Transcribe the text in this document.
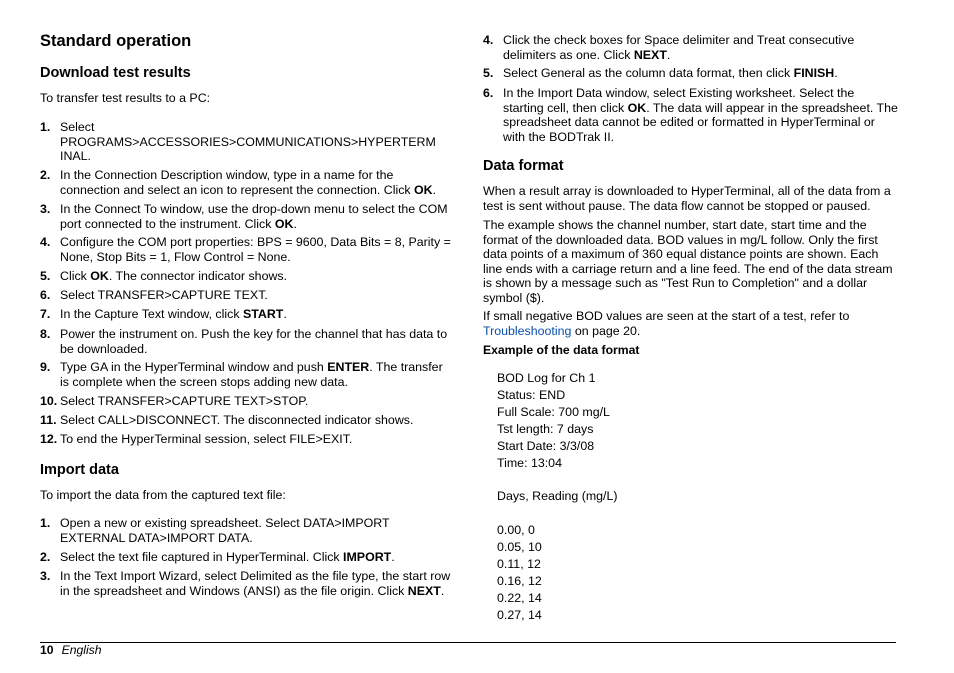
Standard operation
Download test results

To transfer test results to a PC:

1. Select PROGRAMS>ACCESSORIES>COMMUNICATIONS>HYPERTERM INAL.
2. In the Connection Description window, type in a name for the connection and select an icon to represent the connection. Click OK.
3. In the Connect To window, use the drop-down menu to select the COM port connected to the instrument. Click OK.
4. Configure the COM port properties: BPS = 9600, Data Bits = 8, Parity = None, Stop Bits = 1, Flow Control = None.
5. Click OK. The connector indicator shows.
6. Select TRANSFER>CAPTURE TEXT.
7. In the Capture Text window, click START.
8. Power the instrument on. Push the key for the channel that has data to be downloaded.
9. Type GA in the HyperTerminal window and push ENTER. The transfer is complete when the screen stops adding new data.
10. Select TRANSFER>CAPTURE TEXT>STOP.
11. Select CALL>DISCONNECT. The disconnected indicator shows.
12. To end the HyperTerminal session, select FILE>EXIT.
Import data

To import the data from the captured text file:

1. Open a new or existing spreadsheet. Select DATA>IMPORT EXTERNAL DATA>IMPORT DATA.
2. Select the text file captured in HyperTerminal. Click IMPORT.
3. In the Text Import Wizard, select Delimited as the file type, the start row in the spreadsheet and Windows (ANSI) as the file origin. Click NEXT.
4. Click the check boxes for Space delimiter and Treat consecutive delimiters as one. Click NEXT.
5. Select General as the column data format, then click FINISH.
6. In the Import Data window, select Existing worksheet. Select the starting cell, then click OK. The data will appear in the spreadsheet. The spreadsheet data cannot be edited or formatted in HyperTerminal or with the BODTrak II.
Data format

When a result array is downloaded to HyperTerminal, all of the data from a test is sent without pause. The data flow cannot be stopped or paused.

The example shows the channel number, start date, start time and the format of the downloaded data. BOD values in mg/L follow. Only the first data points of a maximum of 360 equal distance points are shown. Each line ends with a carriage return and a line feed. The end of the data stream is shown by a message such as "Test Run to Completion" and a dollar symbol ($).

If small negative BOD values are seen at the start of a test, refer to Troubleshooting on page 20.

Example of the data format

BOD Log for Ch 1
Status: END
Full Scale: 700 mg/L
Tst length: 7 days
Start Date: 3/3/08
Time: 13:04
Days, Reading (mg/L)
0.00, 0
0.05, 10
0.11, 12
0.16, 12
0.22, 14
0.27, 14
10 English
